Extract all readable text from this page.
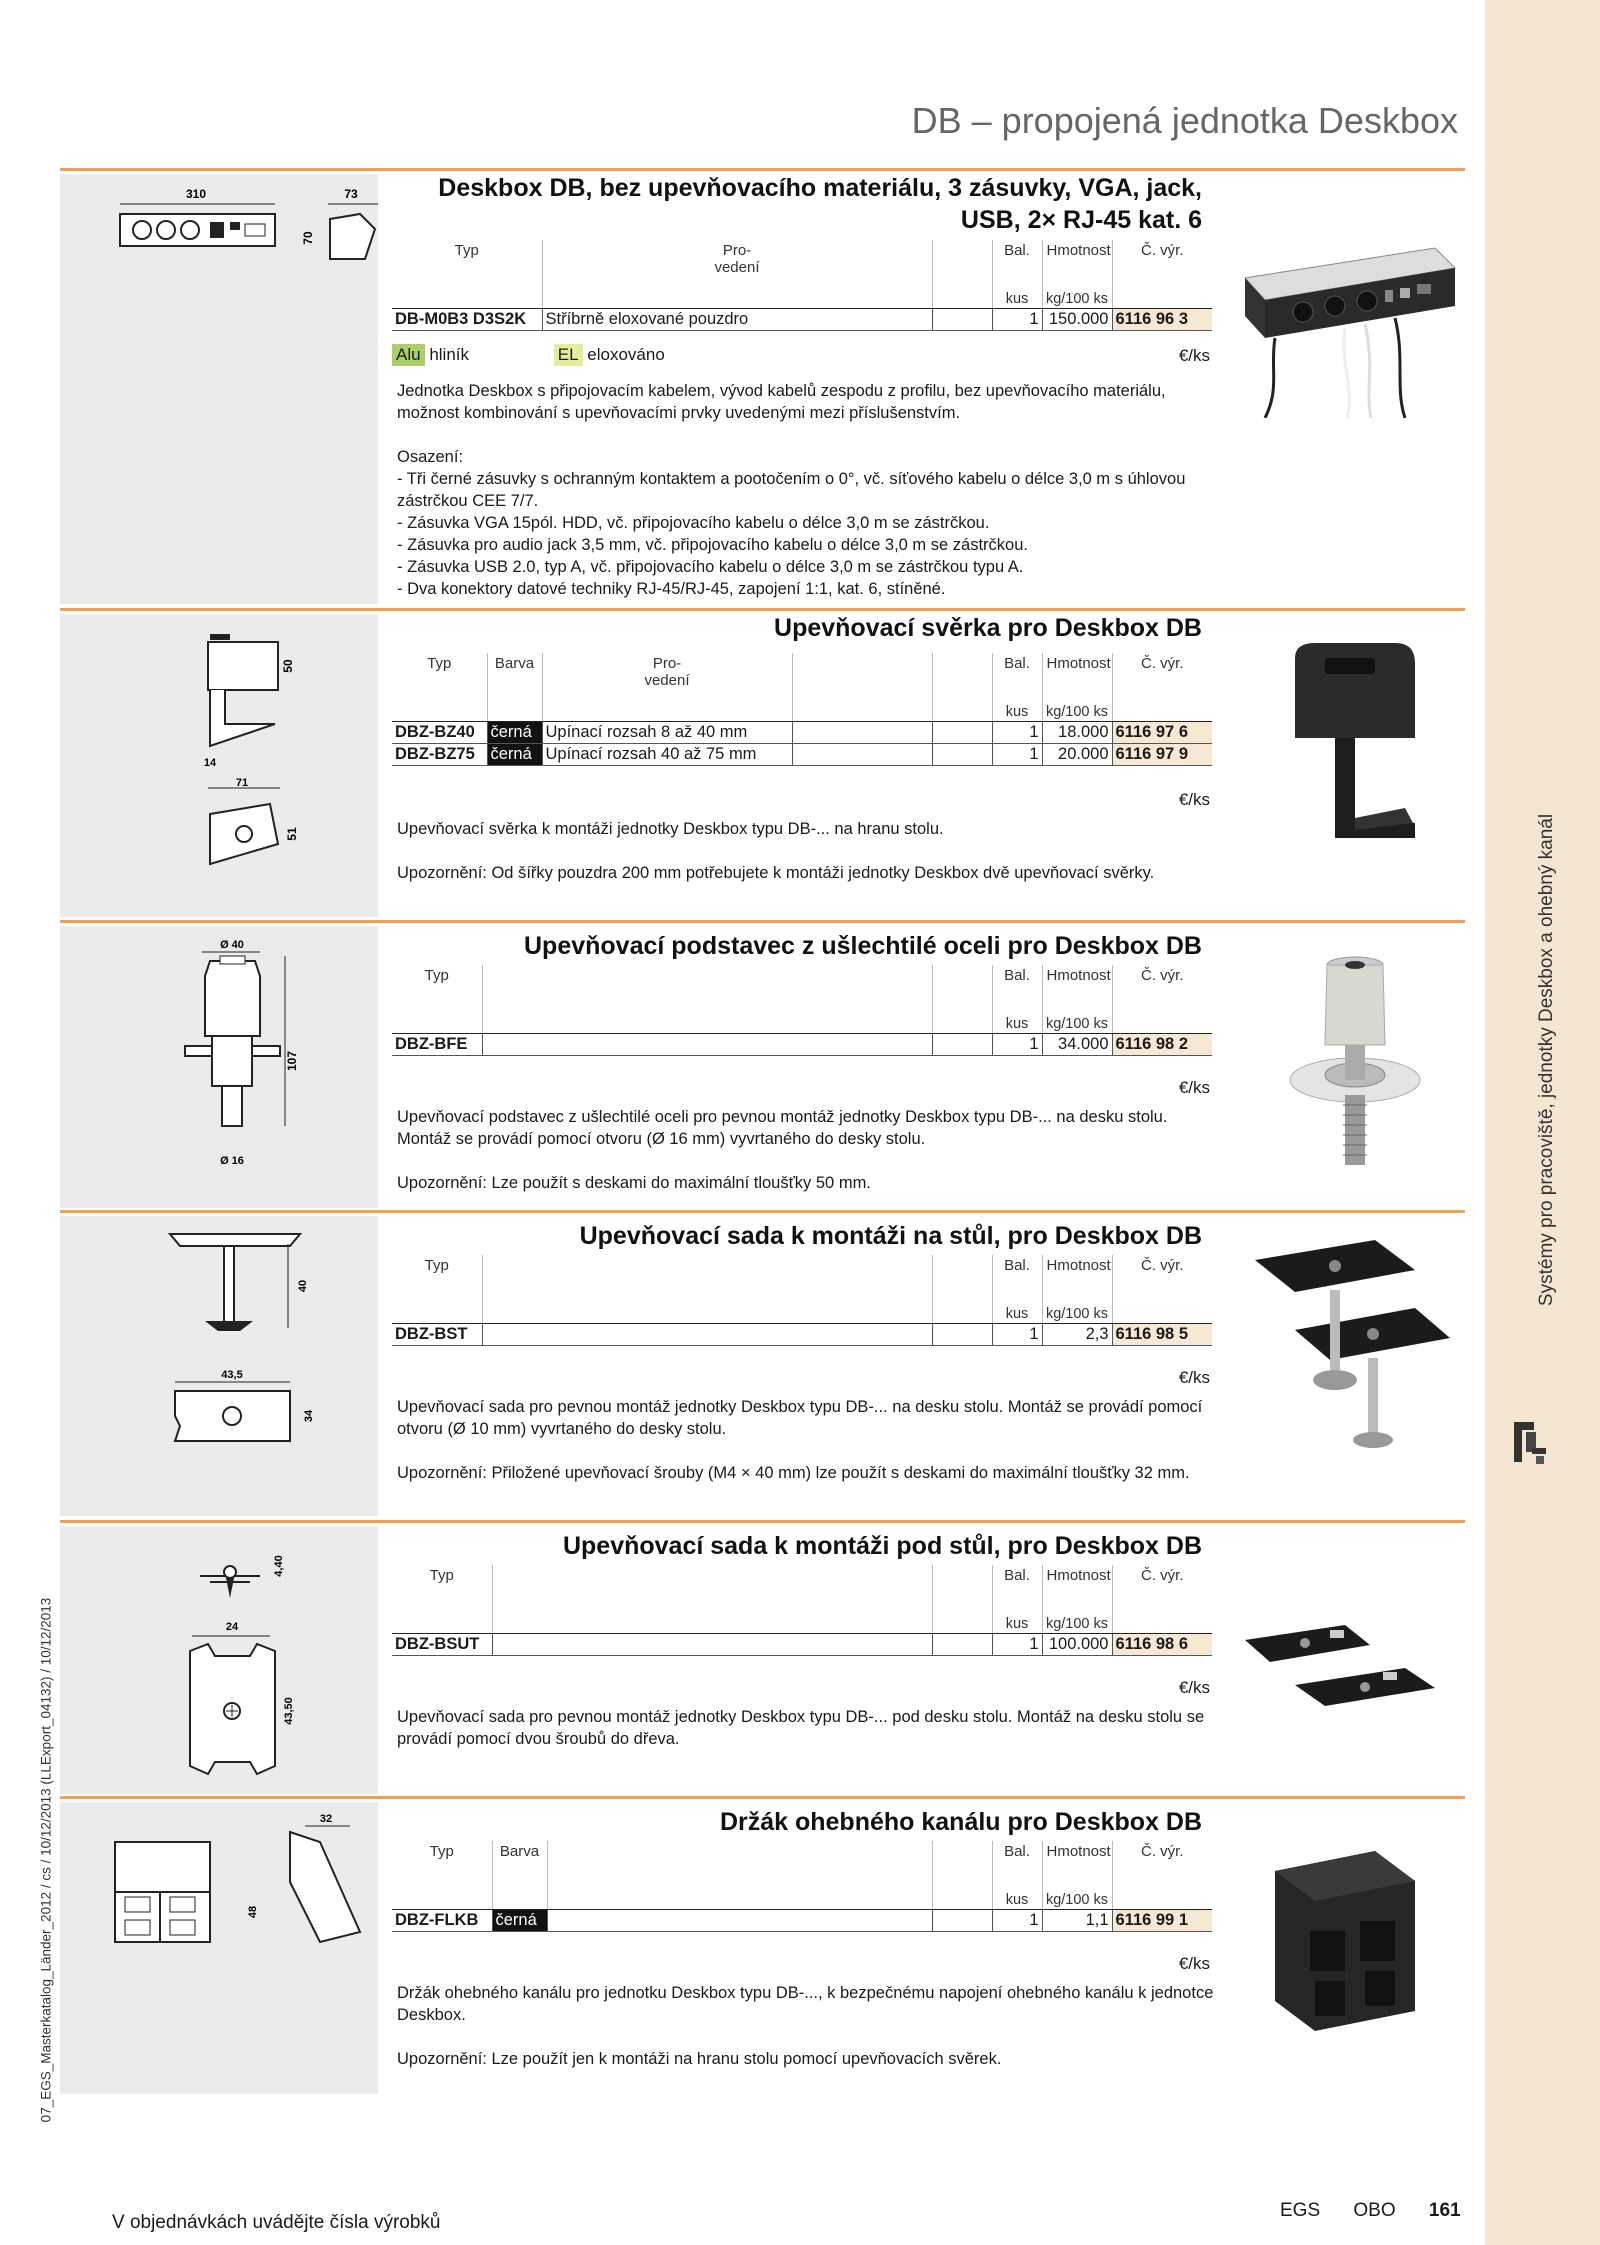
Systémy pro pracoviště, jednotky Deskbox a ohebný kanál
07_EGS_Masterkatalog_Länder_2012 / cs / 10/12/2013 (LLExport_04132) / 10/12/2013
DB – propojená jednotka Deskbox
310	73
70
Deskbox DB, bez upevňovacího materiálu, 3 zásuvky, VGA, jack,
USB, 2× RJ-45 kat. 6
Typ	Pro-
vedení		Bal.	Hmotnost	Č. výr.
			kus	kg/100 ks	
DB-M0B3 D3S2K	Stříbrně eloxované pouzdro		1	150.000	6116 96 3
Alu hliník	EL eloxováno	€/ks

Jednotka Deskbox s připojovacím kabelem, vývod kabelů zespodu z profilu, bez upevňovacího materiálu, možnost kombinování s upevňovacími prvky uvedenými mezi příslušenstvím.

Osazení:
- Tři černé zásuvky s ochranným kontaktem a pootočením o 0°, vč. síťového kabelu o délce 3,0 m s úhlovou zástrčkou CEE 7/7.
- Zásuvka VGA 15pól. HDD, vč. připojovacího kabelu o délce 3,0 m se zástrčkou.
- Zásuvka pro audio jack 3,5 mm, vč. připojovacího kabelu o délce 3,0 m se zástrčkou.
- Zásuvka USB 2.0, typ A, vč. připojovacího kabelu o délce 3,0 m se zástrčkou typu A.
- Dva konektory datové techniky RJ-45/RJ-45, zapojení 1:1, kat. 6, stíněné.
50
14
71
51
Upevňovací svěrka pro Deskbox DB
Typ	Barva	Pro-
vedení			Bal.	Hmotnost	Č. výr.
					kus	kg/100 ks	
DBZ-BZ40	černá	Upínací rozsah 8 až 40 mm			1	18.000	6116 97 6
DBZ-BZ75	černá	Upínací rozsah 40 až 75 mm			1	20.000	6116 97 9
€/ks

Upevňovací svěrka k montáži jednotky Deskbox typu DB-... na hranu stolu.

Upozornění: Od šířky pouzdra 200 mm potřebujete k montáži jednotky Deskbox dvě upevňovací svěrky.

Ø 40
107
Ø 16
Upevňovací podstavec z ušlechtilé oceli pro Deskbox DB
Typ			Bal.	Hmotnost	Č. výr.
			kus	kg/100 ks	
DBZ-BFE			1	34.000	6116 98 2
€/ks

Upevňovací podstavec z ušlechtilé oceli pro pevnou montáž jednotky Deskbox typu DB-... na desku stolu. Montáž se provádí pomocí otvoru (Ø 16 mm) vyvrtaného do desky stolu.

Upozornění: Lze použít s deskami do maximální tloušťky 50 mm.

40
43,5
34
Upevňovací sada k montáži na stůl, pro Deskbox DB
Typ			Bal.	Hmotnost	Č. výr.
			kus	kg/100 ks	
DBZ-BST			1	2,3	6116 98 5
€/ks

Upevňovací sada pro pevnou montáž jednotky Deskbox typu DB-... na desku stolu. Montáž se provádí pomocí otvoru (Ø 10 mm) vyvrtaného do desky stolu.

Upozornění: Přiložené upevňovací šrouby (M4 × 40 mm) lze použít s deskami do maximální tloušťky 32 mm.

4,40
24
43,50
Upevňovací sada k montáži pod stůl, pro Deskbox DB
Typ			Bal.	Hmotnost	Č. výr.
			kus	kg/100 ks	
DBZ-BSUT			1	100.000	6116 98 6
€/ks

Upevňovací sada pro pevnou montáž jednotky Deskbox typu DB-... pod desku stolu. Montáž na desku stolu se provádí pomocí dvou šroubů do dřeva.

32
48
Držák ohebného kanálu pro Deskbox DB
Typ	Barva			Bal.	Hmotnost	Č. výr.
				kus	kg/100 ks	
DBZ-FLKB	černá			1	1,1	6116 99 1
€/ks

Držák ohebného kanálu pro jednotku Deskbox typu DB-..., k bezpečnému napojení ohebného kanálu k jednotce Deskbox.

Upozornění: Lze použít jen k montáži na hranu stolu pomocí upevňovacích svěrek.

V objednávkách uvádějte čísla výrobků
EGS OBO 161
